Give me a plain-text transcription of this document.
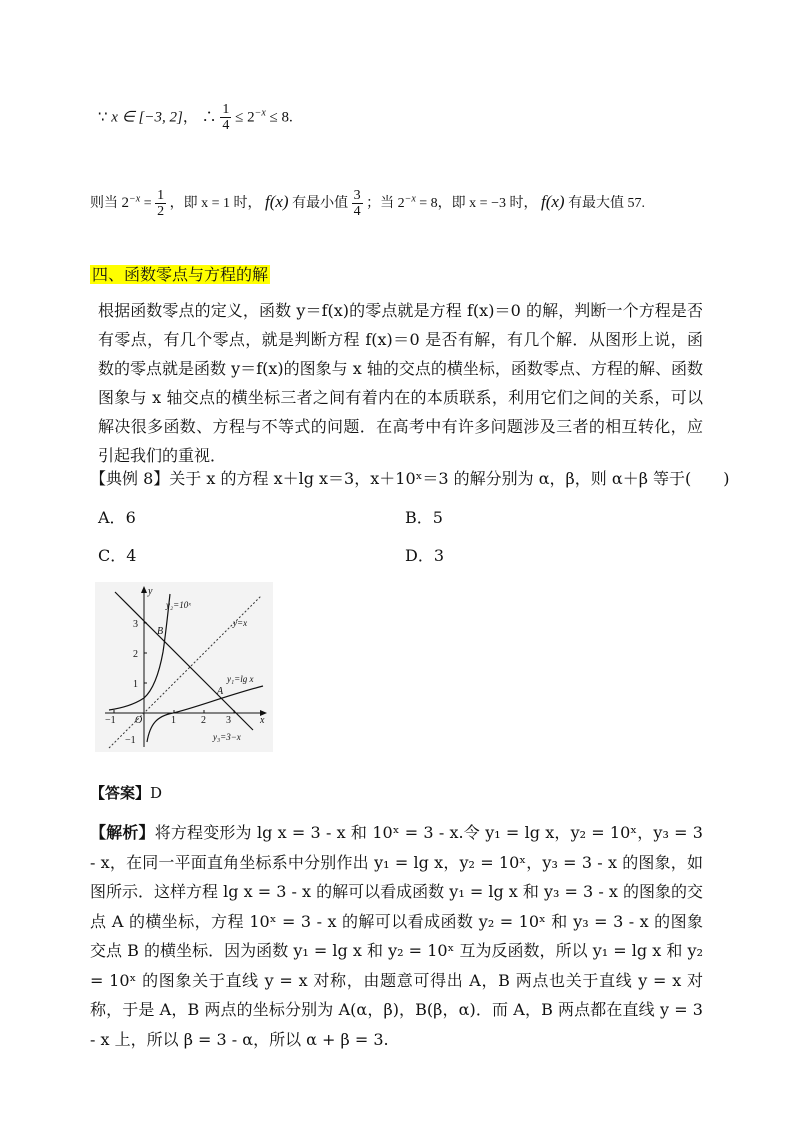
∵ x ∈ [−3, 2]， ∴ $\frac{1}{4} \le 2^{-x} \le 8$.
则当 $2^{-x} = \frac{1}{2}$ ，即 x = 1 时， f(x) 有最小值 $\frac{3}{4}$ ；当 $2^{-x} = 8$，即 x = −3 时， f(x) 有最大值 57.
四、函数零点与方程的解
根据函数零点的定义，函数 y＝f(x)的零点就是方程 f(x)＝0 的解，判断一个方程是否有零点，有几个零点，就是判断方程 f(x)＝0 是否有解，有几个解．从图形上说，函数的零点就是函数 y＝f(x)的图象与 x 轴的交点的横坐标，函数零点、方程的解、函数图象与 x 轴交点的横坐标三者之间有着内在的本质联系，利用它们之间的关系，可以解决很多函数、方程与不等式的问题．在高考中有许多问题涉及三者的相互转化，应引起我们的重视．
【典例 8】关于 x 的方程 x＋lg x＝3，x＋10ˣ＝3 的解分别为 α，β，则 α＋β 等于(　　)
A．6	B．5
C．4	D．3
y
x
O
3
2
1
−1
−1	1	2 3
y₂=10ˣ
y=x
y₁=lg x
y₃=3−x
A
B
【答案】D
【解析】将方程变形为 lg x = 3 - x 和 10ˣ = 3 - x.令 y₁ = lg x，y₂ = 10ˣ，y₃ = 3 - x，在同一平面直角坐标系中分别作出 y₁ = lg x，y₂ = 10ˣ，y₃ = 3 - x 的图象，如图所示．这样方程 lg x = 3 - x 的解可以看成函数 y₁ = lg x 和 y₃ = 3 - x 的图象的交点 A 的横坐标，方程 10ˣ = 3 - x 的解可以看成函数 y₂ = 10ˣ 和 y₃ = 3 - x 的图象交点 B 的横坐标．因为函数 y₁ = lg x 和 y₂ = 10ˣ 互为反函数，所以 y₁ = lg x 和 y₂ = 10ˣ 的图象关于直线 y = x 对称，由题意可得出 A，B 两点也关于直线 y = x 对称，于是 A，B 两点的坐标分别为 A(α，β)，B(β，α)．而 A，B 两点都在直线 y = 3 - x 上，所以 β = 3 - α，所以 α + β = 3.
